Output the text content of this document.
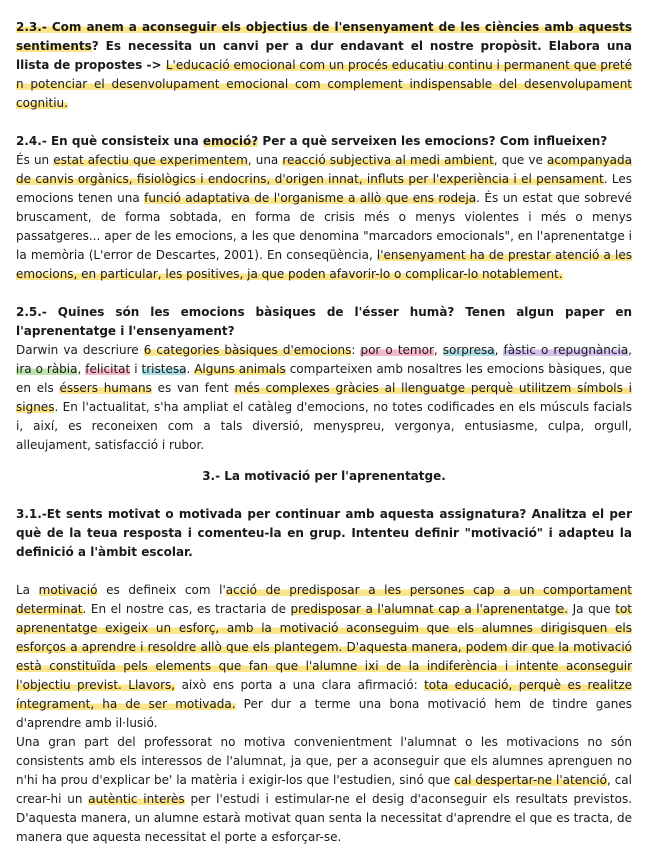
2.3.- Com anem a aconseguir els objectius de l'ensenyament de les ciències amb aquests sentiments? Es necessita un canvi per a dur endavant el nostre propòsit. Elabora una llista de propostes -> L'educació emocional com un procés educatiu continu i permanent que preté n potenciar el desenvolupament emocional com complement indispensable del desenvolupament cognitiu.

2.4.- En què consisteix una emoció? Per a què serveixen les emocions? Com influeixen?

És un estat afectiu que experimentem, una reacció subjectiva al medi ambient, que ve acompanyada de canvis orgànics, fisiològics i endocrins, d'origen innat, influts per l'experiència i el pensament. Les emocions tenen una funció adaptativa de l'organisme a allò que ens rodeja. És un estat que sobrevé bruscament, de forma sobtada, en forma de crisis més o menys violentes i més o menys passatgeres... aper de les emocions, a les que denomina "marcadors emocionals", en l'aprenentatge i la memòria (L'error de Descartes, 2001). En conseqüència, l'ensenyament ha de prestar atenció a les emocions, en particular, les positives, ja que poden afavorir-lo o complicar-lo notablement.

2.5.- Quines són les emocions bàsiques de l'ésser humà? Tenen algun paper en l'aprenentatge i l'ensenyament?

Darwin va descriure 6 categories bàsiques d'emocions: por o temor, sorpresa, fàstic o repugnància, ira o ràbia, felicitat i tristesa. Alguns animals comparteixen amb nosaltres les emocions bàsiques, que en els éssers humans es van fent més complexes gràcies al llenguatge perquè utilitzem símbols i signes. En l'actualitat, s'ha ampliat el catàleg d'emocions, no totes codificades en els músculs facials i, així, es reconeixen com a tals diversió, menyspreu, vergonya, entusiasme, culpa, orgull, alleujament, satisfacció i rubor.

3.- La motivació per l'aprenentatge.

3.1.-Et sents motivat o motivada per continuar amb aquesta assignatura? Analitza el per què de la teua resposta i comenteu-la en grup. Intenteu definir "motivació" i adapteu la definició a l'àmbit escolar.

La motivació es defineix com l'acció de predisposar a les persones cap a un comportament determinat. En el nostre cas, es tractaria de predisposar a l'alumnat cap a l'aprenentatge. Ja que tot aprenentatge exigeix un esforç, amb la motivació aconseguim que els alumnes dirigisquen els esforços a aprendre i resoldre allò que els plantegem. D'aquesta manera, podem dir que la motivació està constituïda pels elements que fan que l'alumne ixi de la indiferència i intente aconseguir l'objectiu previst. Llavors, això ens porta a una clara afirmació: tota educació, perquè es realitze íntegrament, ha de ser motivada. Per dur a terme una bona motivació hem de tindre ganes d'aprendre amb il·lusió.

Una gran part del professorat no motiva convenientment l'alumnat o les motivacions no són consistents amb els interessos de l'alumnat, ja que, per a aconseguir que els alumnes aprenguen no n'hi ha prou d'explicar be' la matèria i exigir-los que l'estudien, sinó que cal despertar-ne l'atenció, cal crear-hi un autèntic interès per l'estudi i estimular-ne el desig d'aconseguir els resultats previstos. D'aquesta manera, un alumne estarà motivat quan senta la necessitat d'aprendre el que es tracta, de manera que aquesta necessitat el porte a esforçar-se.
